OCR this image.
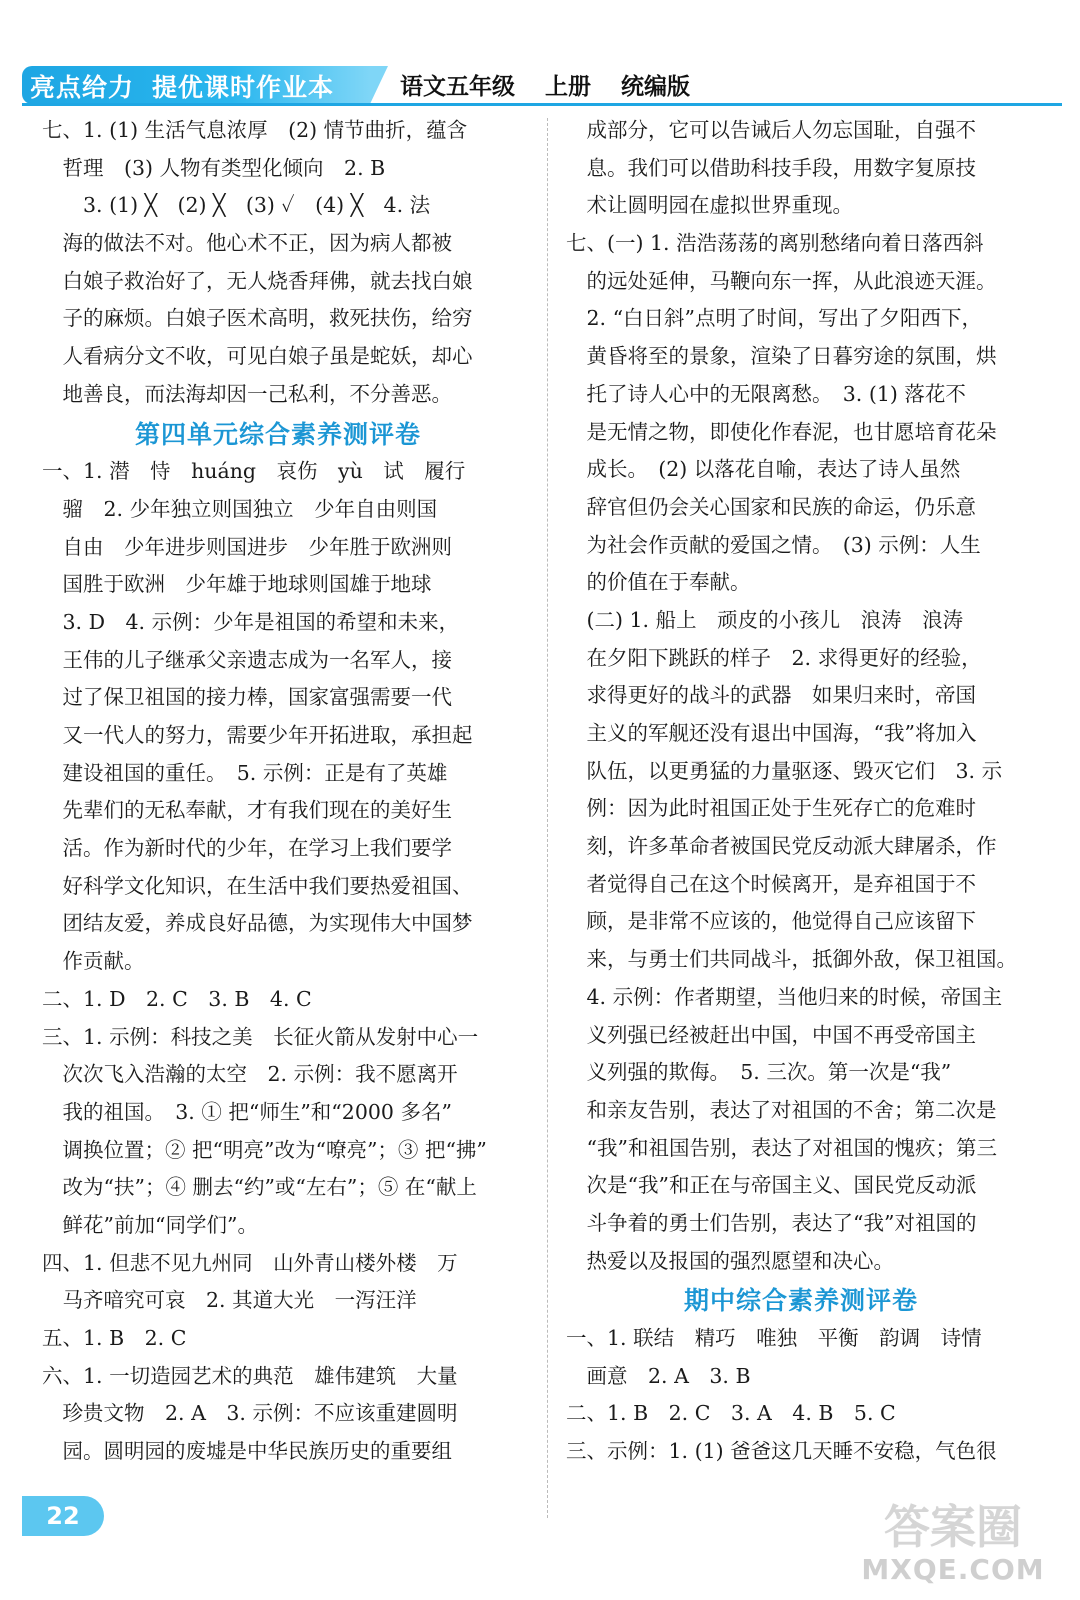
亮点给力 提优课时作业本	语文五年级 上册 统编版
七、1. (1) 生活气息浓厚　(2) 情节曲折，蕴含
　哲理　(3) 人物有类型化倾向　2. B
　　3. (1) ╳　(2) ╳　(3) ✓　(4) ╳　4. 法
　海的做法不对。他心术不正，因为病人都被
　白娘子救治好了，无人烧香拜佛，就去找白娘
　子的麻烦。白娘子医术高明，救死扶伤，给穷
　人看病分文不收，可见白娘子虽是蛇妖，却心
　地善良，而法海却因一己私利，不分善恶。
第四单元综合素养测评卷
一、1. 潜　恃　huáng　哀伤　yù　试　履行
　骝　2. 少年独立则国独立　少年自由则国
　自由　少年进步则国进步　少年胜于欧洲则
　国胜于欧洲　少年雄于地球则国雄于地球
　3. D　4. 示例：少年是祖国的希望和未来，
　王伟的儿子继承父亲遗志成为一名军人，接
　过了保卫祖国的接力棒，国家富强需要一代
　又一代人的努力，需要少年开拓进取，承担起
　建设祖国的重任。　5. 示例：正是有了英雄
　先辈们的无私奉献，才有我们现在的美好生
　活。作为新时代的少年，在学习上我们要学
　好科学文化知识，在生活中我们要热爱祖国、
　团结友爱，养成良好品德，为实现伟大中国梦
　作贡献。
二、1. D　2. C　3. B　4. C
三、1. 示例：科技之美　长征火箭从发射中心一
　次次飞入浩瀚的太空　2. 示例：我不愿离开
　我的祖国。　3. ① 把“师生”和“2000 多名”
　调换位置；② 把“明亮”改为“嘹亮”；③ 把“拂”
　改为“扶”；④ 删去“约”或“左右”；⑤ 在“献上
　鲜花”前加“同学们”。
四、1. 但悲不见九州同　山外青山楼外楼　万
　马齐喑究可哀　2. 其道大光　一泻汪洋
五、1. B　2. C
六、1. 一切造园艺术的典范　雄伟建筑　大量
　珍贵文物　2. A　3. 示例：不应该重建圆明
　园。圆明园的废墟是中华民族历史的重要组
　成部分，它可以告诫后人勿忘国耻，自强不
　息。我们可以借助科技手段，用数字复原技
　术让圆明园在虚拟世界重现。
七、(一) 1. 浩浩荡荡的离别愁绪向着日落西斜
　的远处延伸，马鞭向东一挥，从此浪迹天涯。
　2. “白日斜”点明了时间，写出了夕阳西下，
　黄昏将至的景象，渲染了日暮穷途的氛围，烘
　托了诗人心中的无限离愁。　3. (1) 落花不
　是无情之物，即使化作春泥，也甘愿培育花朵
　成长。　(2) 以落花自喻，表达了诗人虽然
　辞官但仍会关心国家和民族的命运，仍乐意
　为社会作贡献的爱国之情。　(3) 示例：人生
　的价值在于奉献。
　(二) 1. 船上　顽皮的小孩儿　浪涛　浪涛
　在夕阳下跳跃的样子　2. 求得更好的经验，
　求得更好的战斗的武器　如果归来时，帝国
　主义的军舰还没有退出中国海，“我”将加入
　队伍，以更勇猛的力量驱逐、毁灭它们　3. 示
　例：因为此时祖国正处于生死存亡的危难时
　刻，许多革命者被国民党反动派大肆屠杀，作
　者觉得自己在这个时候离开，是弃祖国于不
　顾，是非常不应该的，他觉得自己应该留下
　来，与勇士们共同战斗，抵御外敌，保卫祖国。
　4. 示例：作者期望，当他归来的时候，帝国主
　义列强已经被赶出中国，中国不再受帝国主
　义列强的欺侮。　5. 三次。第一次是“我”
　和亲友告别，表达了对祖国的不舍；第二次是
　“我”和祖国告别，表达了对祖国的愧疚；第三
　次是“我”和正在与帝国主义、国民党反动派
　斗争着的勇士们告别，表达了“我”对祖国的
　热爱以及报国的强烈愿望和决心。
期中综合素养测评卷
一、1. 联结　精巧　唯独　平衡　韵调　诗情
　画意　2. A　3. B
二、1. B　2. C　3. A　4. B　5. C
三、示例：1. (1) 爸爸这几天睡不安稳，气色很
22	答案圈
MXQE.COM
